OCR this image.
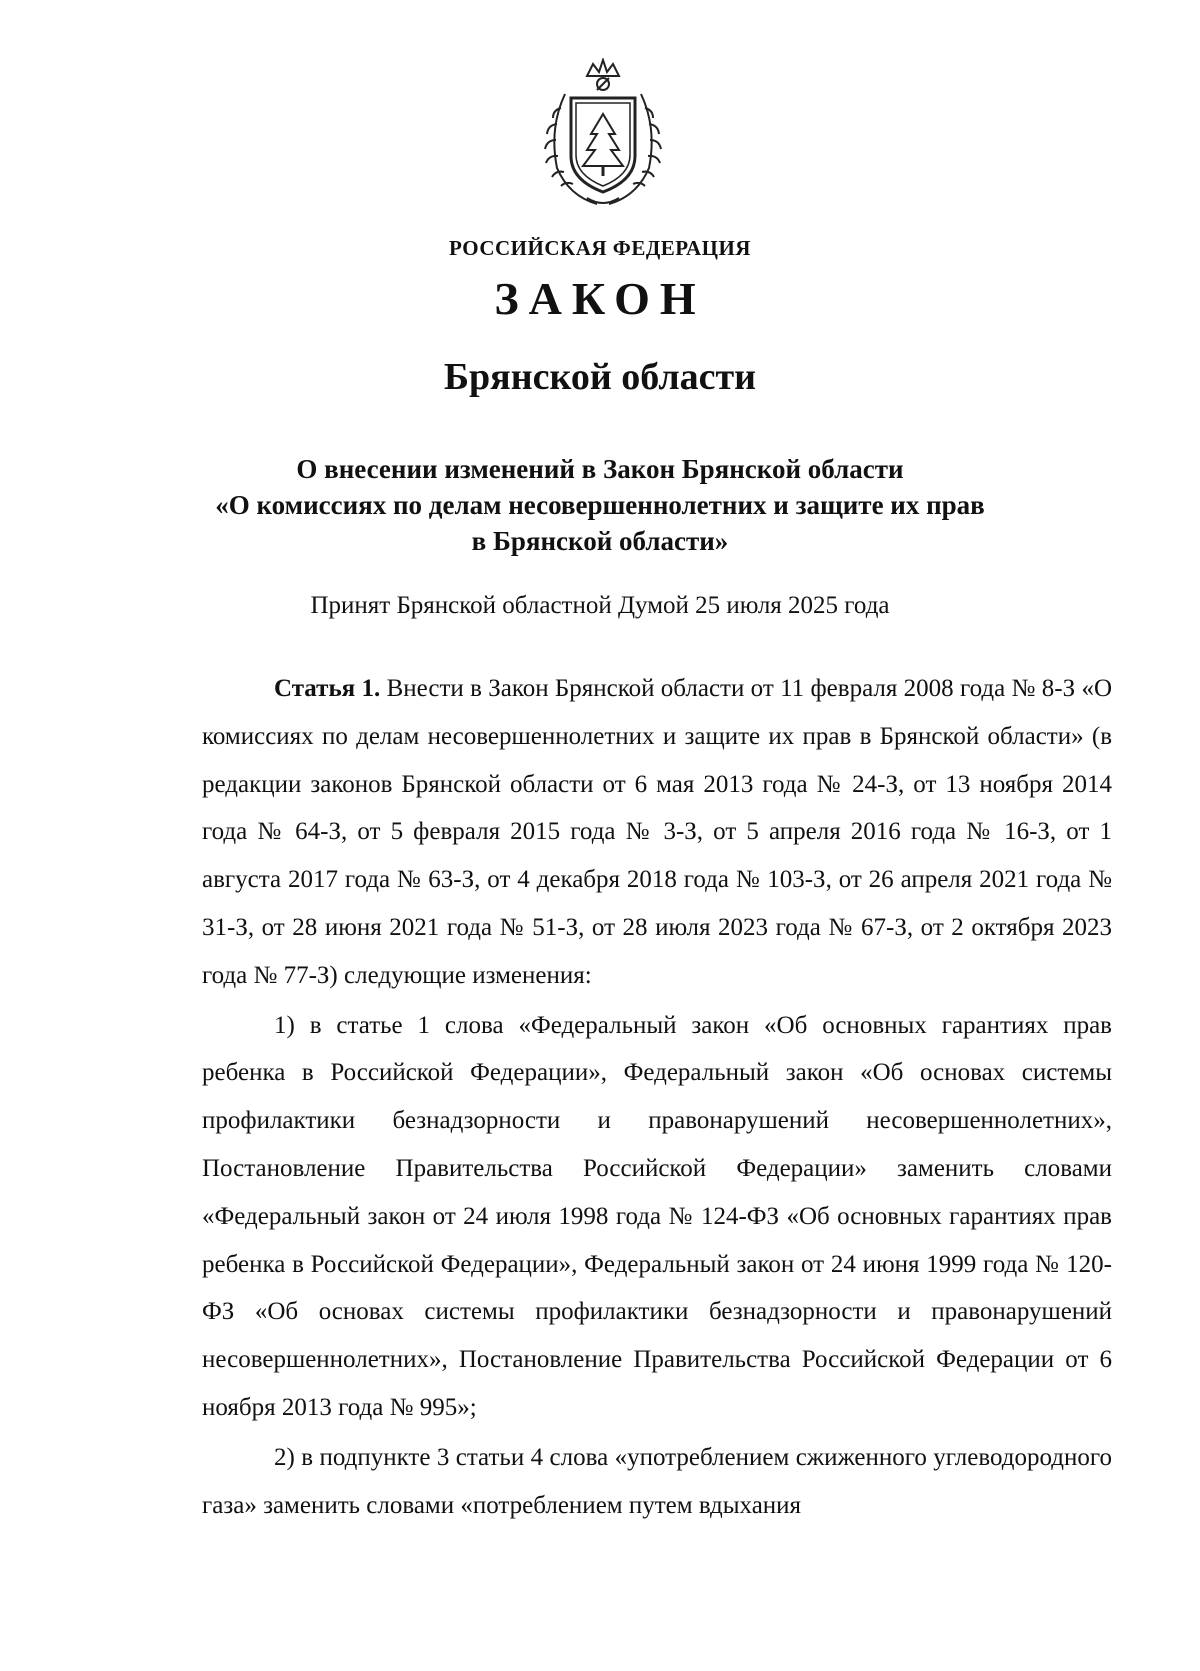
РОССИЙСКАЯ ФЕДЕРАЦИЯ
ЗАКОН
Брянской области
О внесении изменений в Закон Брянской области
«О комиссиях по делам несовершеннолетних и защите их прав
в Брянской области»
Принят Брянской областной Думой 25 июля 2025 года

Статья 1. Внести в Закон Брянской области от 11 февраля 2008 года № 8-З «О комиссиях по делам несовершеннолетних и защите их прав в Брянской области» (в редакции законов Брянской области от 6 мая 2013 года № 24-З, от 13 ноября 2014 года № 64-З, от 5 февраля 2015 года № 3-З, от 5 апреля 2016 года № 16-З, от 1 августа 2017 года № 63-З, от 4 декабря 2018 года № 103-З, от 26 апреля 2021 года № 31-З, от 28 июня 2021 года № 51-З, от 28 июля 2023 года № 67-З, от 2 октября 2023 года № 77-З) следующие изменения:

1) в статье 1 слова «Федеральный закон «Об основных гарантиях прав ребенка в Российской Федерации», Федеральный закон «Об основах системы профилактики безнадзорности и правонарушений несовершеннолетних», Постановление Правительства Российской Федерации» заменить словами «Федеральный закон от 24 июля 1998 года № 124-ФЗ «Об основных гарантиях прав ребенка в Российской Федерации», Федеральный закон от 24 июня 1999 года № 120-ФЗ «Об основах системы профилактики безнадзорности и правонарушений несовершеннолетних», Постановление Правительства Российской Федерации от 6 ноября 2013 года № 995»;

2) в подпункте 3 статьи 4 слова «употреблением сжиженного углеводородного газа» заменить словами «потреблением путем вдыхания
